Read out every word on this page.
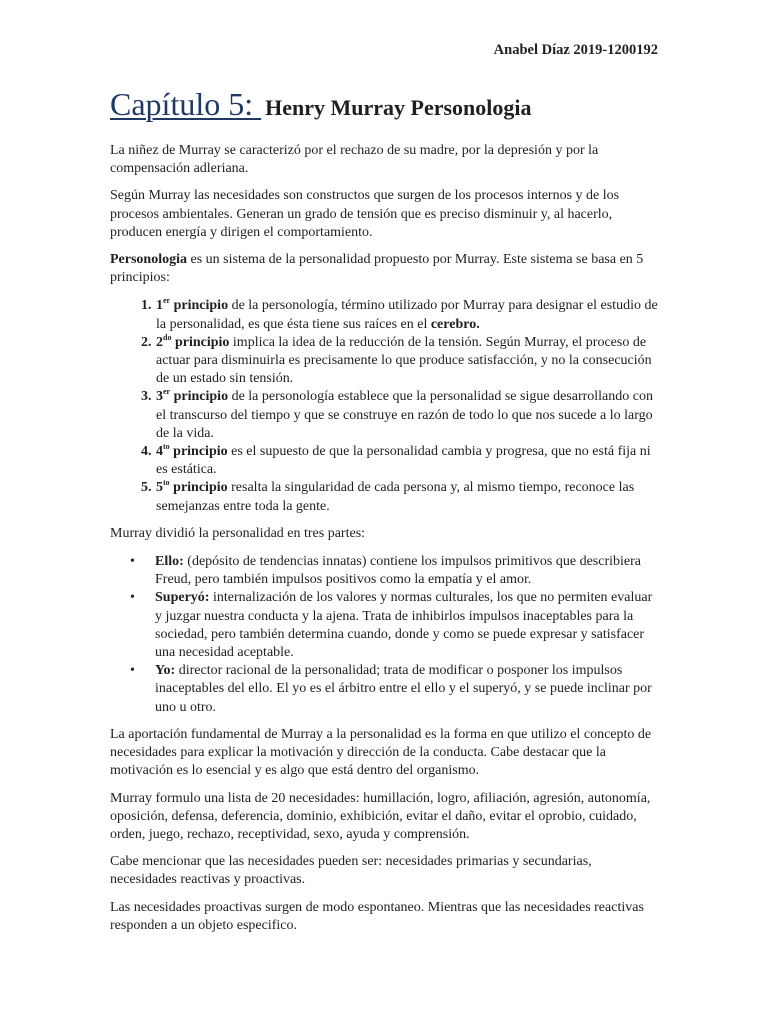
Anabel Díaz 2019-1200192
Capítulo 5: Henry Murray Personologia

La niñez de Murray se caracterizó por el rechazo de su madre, por la depresión y por la compensación adleriana.

Según Murray las necesidades son constructos que surgen de los procesos internos y de los procesos ambientales. Generan un grado de tensión que es preciso disminuir y, al hacerlo, producen energía y dirigen el comportamiento.

Personologia es un sistema de la personalidad propuesto por Murray. Este sistema se basa en 5 principios:

1. 1er principio de la personología, término utilizado por Murray para designar el estudio de la personalidad, es que ésta tiene sus raíces en el cerebro.
2. $2^{do}$ principio implica la idea de la reducción de la tensión. Según Murray, el proceso de actuar para disminuirla es precisamente lo que produce satisfacción, y no la consecución de un estado sin tensión.
3. 3er principio de la personología establece que la personalidad se sigue desarrollando con el transcurso del tiempo y que se construye en razón de todo lo que nos sucede a lo largo de la vida.
4. $4^{to}$ principio es el supuesto de que la personalidad cambia y progresa, que no está fija ni es estática.
5. $5^{to}$ principio resalta la singularidad de cada persona y, al mismo tiempo, reconoce las semejanzas entre toda la gente.

Murray dividió la personalidad en tres partes:

• Ello: (depósito de tendencias innatas) contiene los impulsos primitivos que describiera Freud, pero también impulsos positivos como la empatía y el amor.
• Superyó: internalización de los valores y normas culturales, los que no permiten evaluar y juzgar nuestra conducta y la ajena. Trata de inhibirlos impulsos inaceptables para la sociedad, pero también determina cuando, donde y como se puede expresar y satisfacer una necesidad aceptable.
• Yo: director racional de la personalidad; trata de modificar o posponer los impulsos inaceptables del ello. El yo es el árbitro entre el ello y el superyó, y se puede inclinar por uno u otro.

La aportación fundamental de Murray a la personalidad es la forma en que utilizo el concepto de necesidades para explicar la motivación y dirección de la conducta. Cabe destacar que la motivación es lo esencial y es algo que está dentro del organismo.

Murray formulo una lista de 20 necesidades: humillación, logro, afiliación, agresión, autonomía, oposición, defensa, deferencia, dominio, exhibición, evitar el daño, evitar el oprobio, cuidado, orden, juego, rechazo, receptividad, sexo, ayuda y comprensión.

Cabe mencionar que las necesidades pueden ser: necesidades primarias y secundarias, necesidades reactivas y proactivas.

Las necesidades proactivas surgen de modo espontaneo. Mientras que las necesidades reactivas responden a un objeto especifico.
